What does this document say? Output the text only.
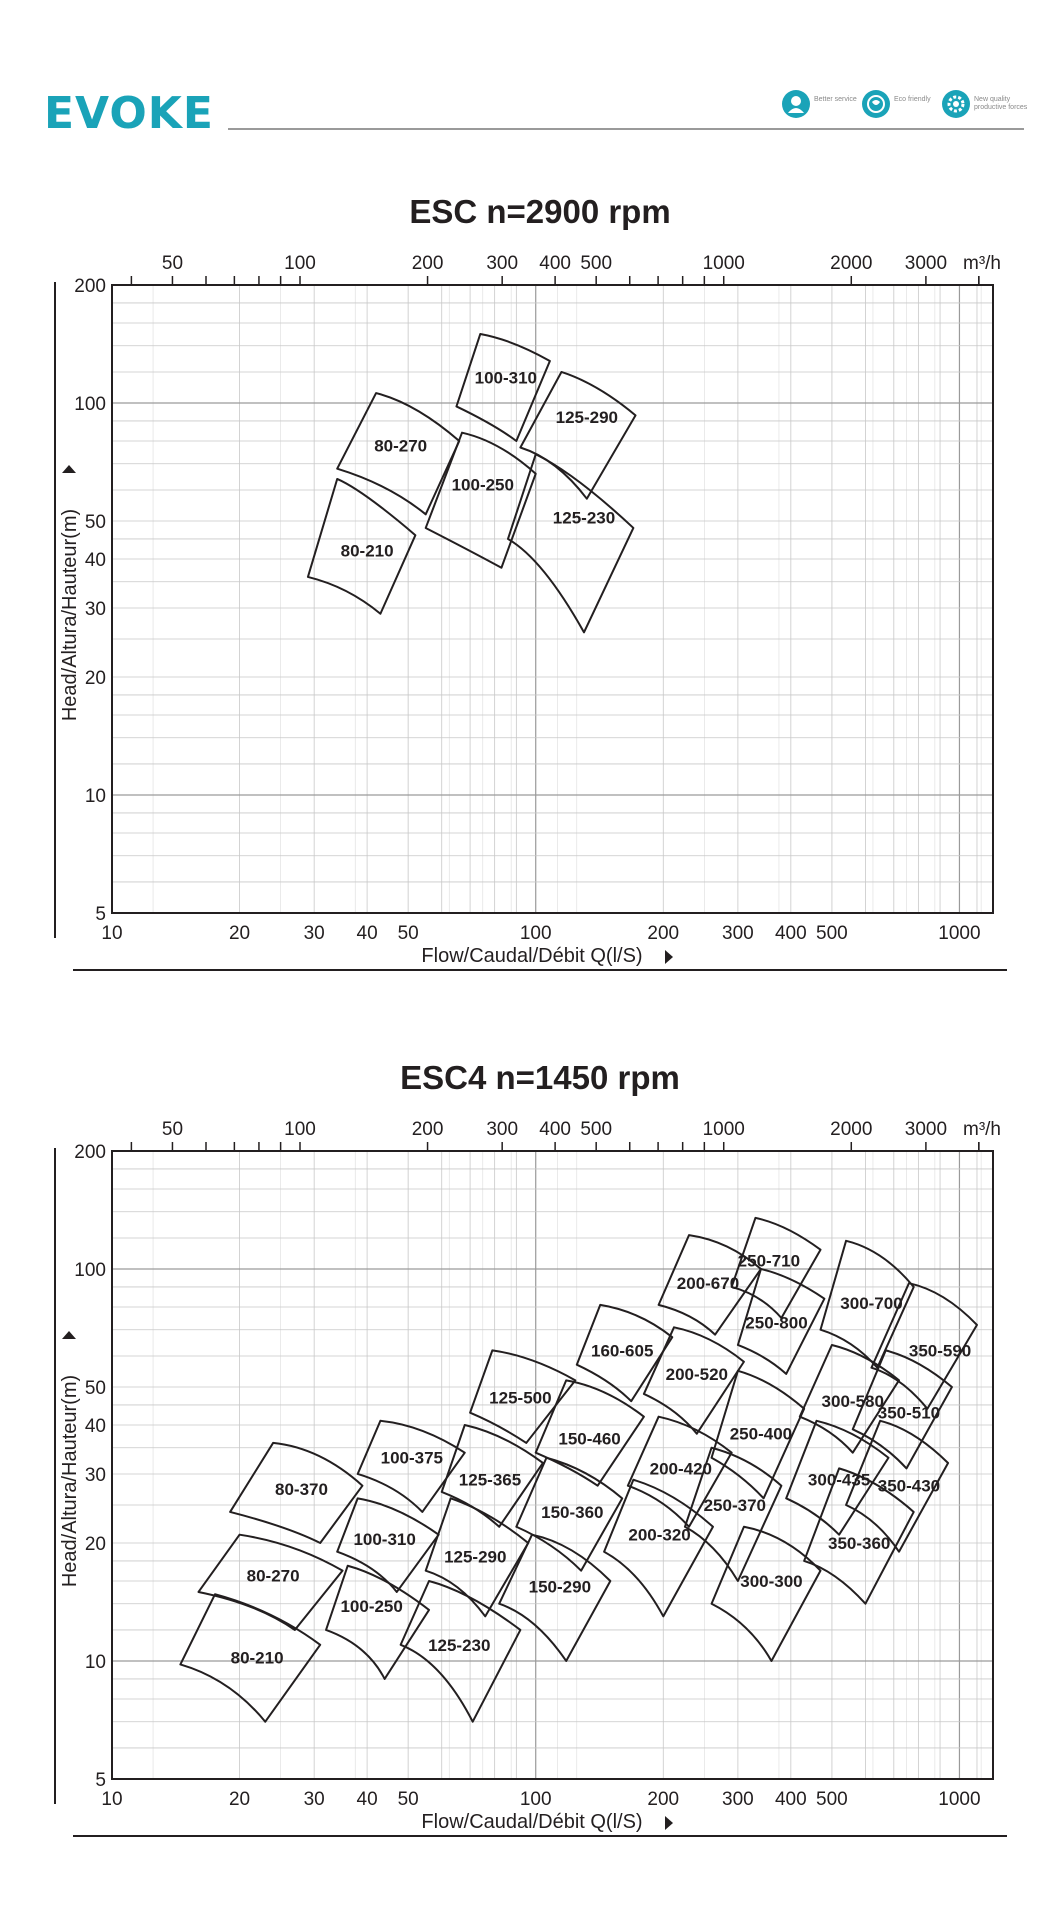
EVOKE	Better service	Eco friendly	New quality productive forces
ESC n=2900 rpm
80-210
80-270
100-250
100-310
125-230
125-290
10	20	30 40 50	100	200 300 400 500	1000
50	100	200 300 400 500	1000	2000 3000 m³/h
5
10
20
30
40
50
100
200
Flow/Caudal/Débit Q(l/S)
Head/Altura/Hauteur(m)
ESC4 n=1450 rpm
80-210
80-270
80-370
100-250
100-310
100-375
125-230
125-290
125-365
125-500
150-290
150-360
150-460
160-605
200-320
200-420
200-520
200-670
250-370
250-400
250-710
250-800
300-300
300-435
300-580
300-700
350-360
350-430
350-510
350-590
10	20	30 40 50	100	200 300 400 500	1000
50	100	200 300 400 500	1000	2000 3000 m³/h
5
10
20
30
40
50
100
200
Flow/Caudal/Débit Q(l/S)
Head/Altura/Hauteur(m)
